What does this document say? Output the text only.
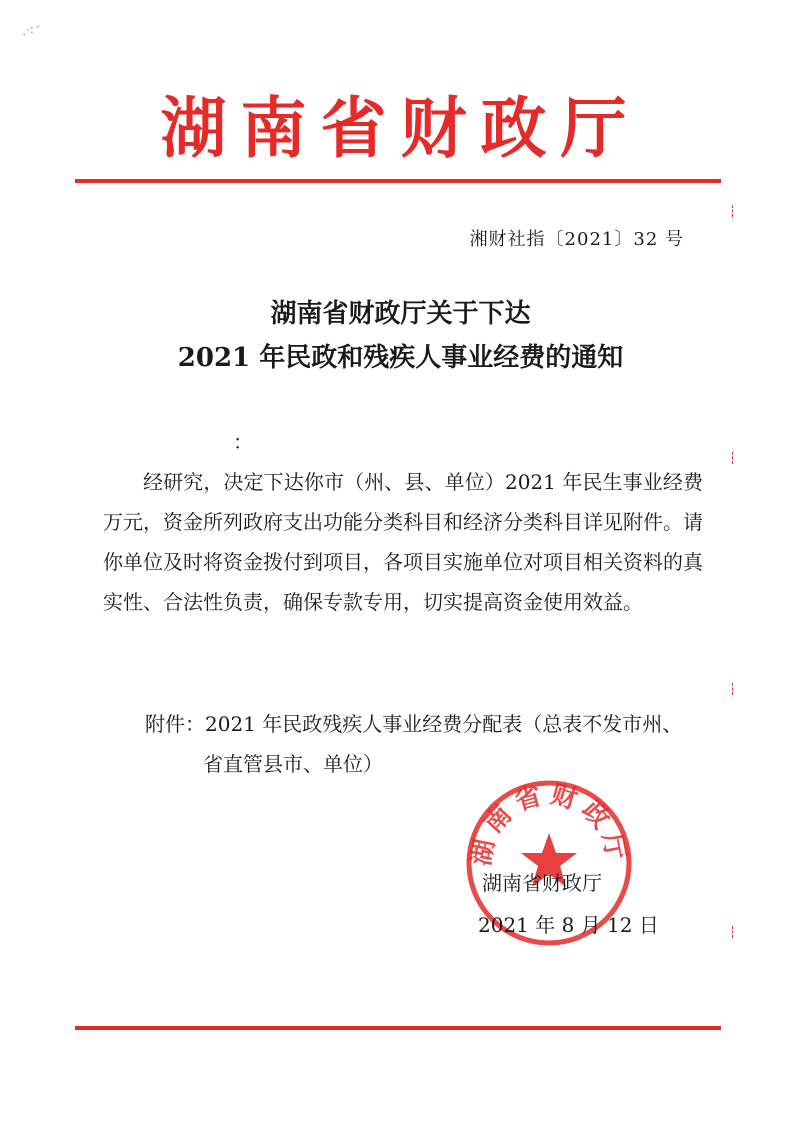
· ∵ ·
湖南省财政厅
湘财社指〔2021〕32 号
湖南省财政厅关于下达
2021 年民政和残疾人事业经费的通知
：

经研究，决定下达你市（州、县、单位）2021 年民生事业经费　 万元，资金所列政府支出功能分类科目和经济分类科目详见附件。请你单位及时将资金拨付到项目，各项目实施单位对项目相关资料的真实性、合法性负责，确保专款专用，切实提高资金使用效益。

附件：2021 年民政残疾人事业经费分配表（总表不发市州、
省直管县市、单位）
湖南省财政厅
湖南省财政厅
2021 年 8 月 12 日
